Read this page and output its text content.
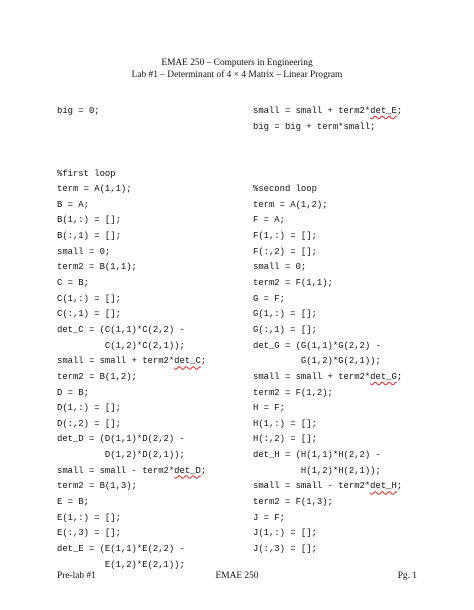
EMAE 250 – Computers in Engineering
Lab #1 – Determinant of 4 × 4 Matrix – Linear Program
big = 0;
%first loop
term = A(1,1);
B = A;
B(1,:) = [];
B(:,1) = [];
small = 0;
term2 = B(1,1);
C = B;
C(1,:) = [];
C(:,1) = [];
det_C = (C(1,1)*C(2,2) -
C(1,2)*C(2,1));
small = small + term2*det_C;
term2 = B(1,2);
D = B;
D(1,:) = [];
D(:,2) = [];
det_D = (D(1,1)*D(2,2) -
D(1,2)*D(2,1));
small = small - term2*det_D;
term2 = B(1,3);
E = B;
E(1,:) = [];
E(:,3) = [];
det_E = (E(1,1)*E(2,2) -
E(1,2)*E(2,1));
small = small + term2*det_E;
big = big + term*small;
%second loop
term = A(1,2);
F = A;
F(1,:) = [];
F(:,2) = [];
small = 0;
term2 = F(1,1);
G = F;
G(1,:) = [];
G(:,1) = [];
det_G = (G(1,1)*G(2,2) -
G(1,2)*G(2,1));
small = small + term2*det_G;
term2 = F(1,2);
H = F;
H(1,:) = [];
H(:,2) = [];
det_H = (H(1,1)*H(2,2) -
H(1,2)*H(2,1));
small = small - term2*det_H;
term2 = F(1,3);
J = F;
J(1,:) = [];
J(:,3) = [];
Pre-lab #1	EMAE 250	Pg. 1
